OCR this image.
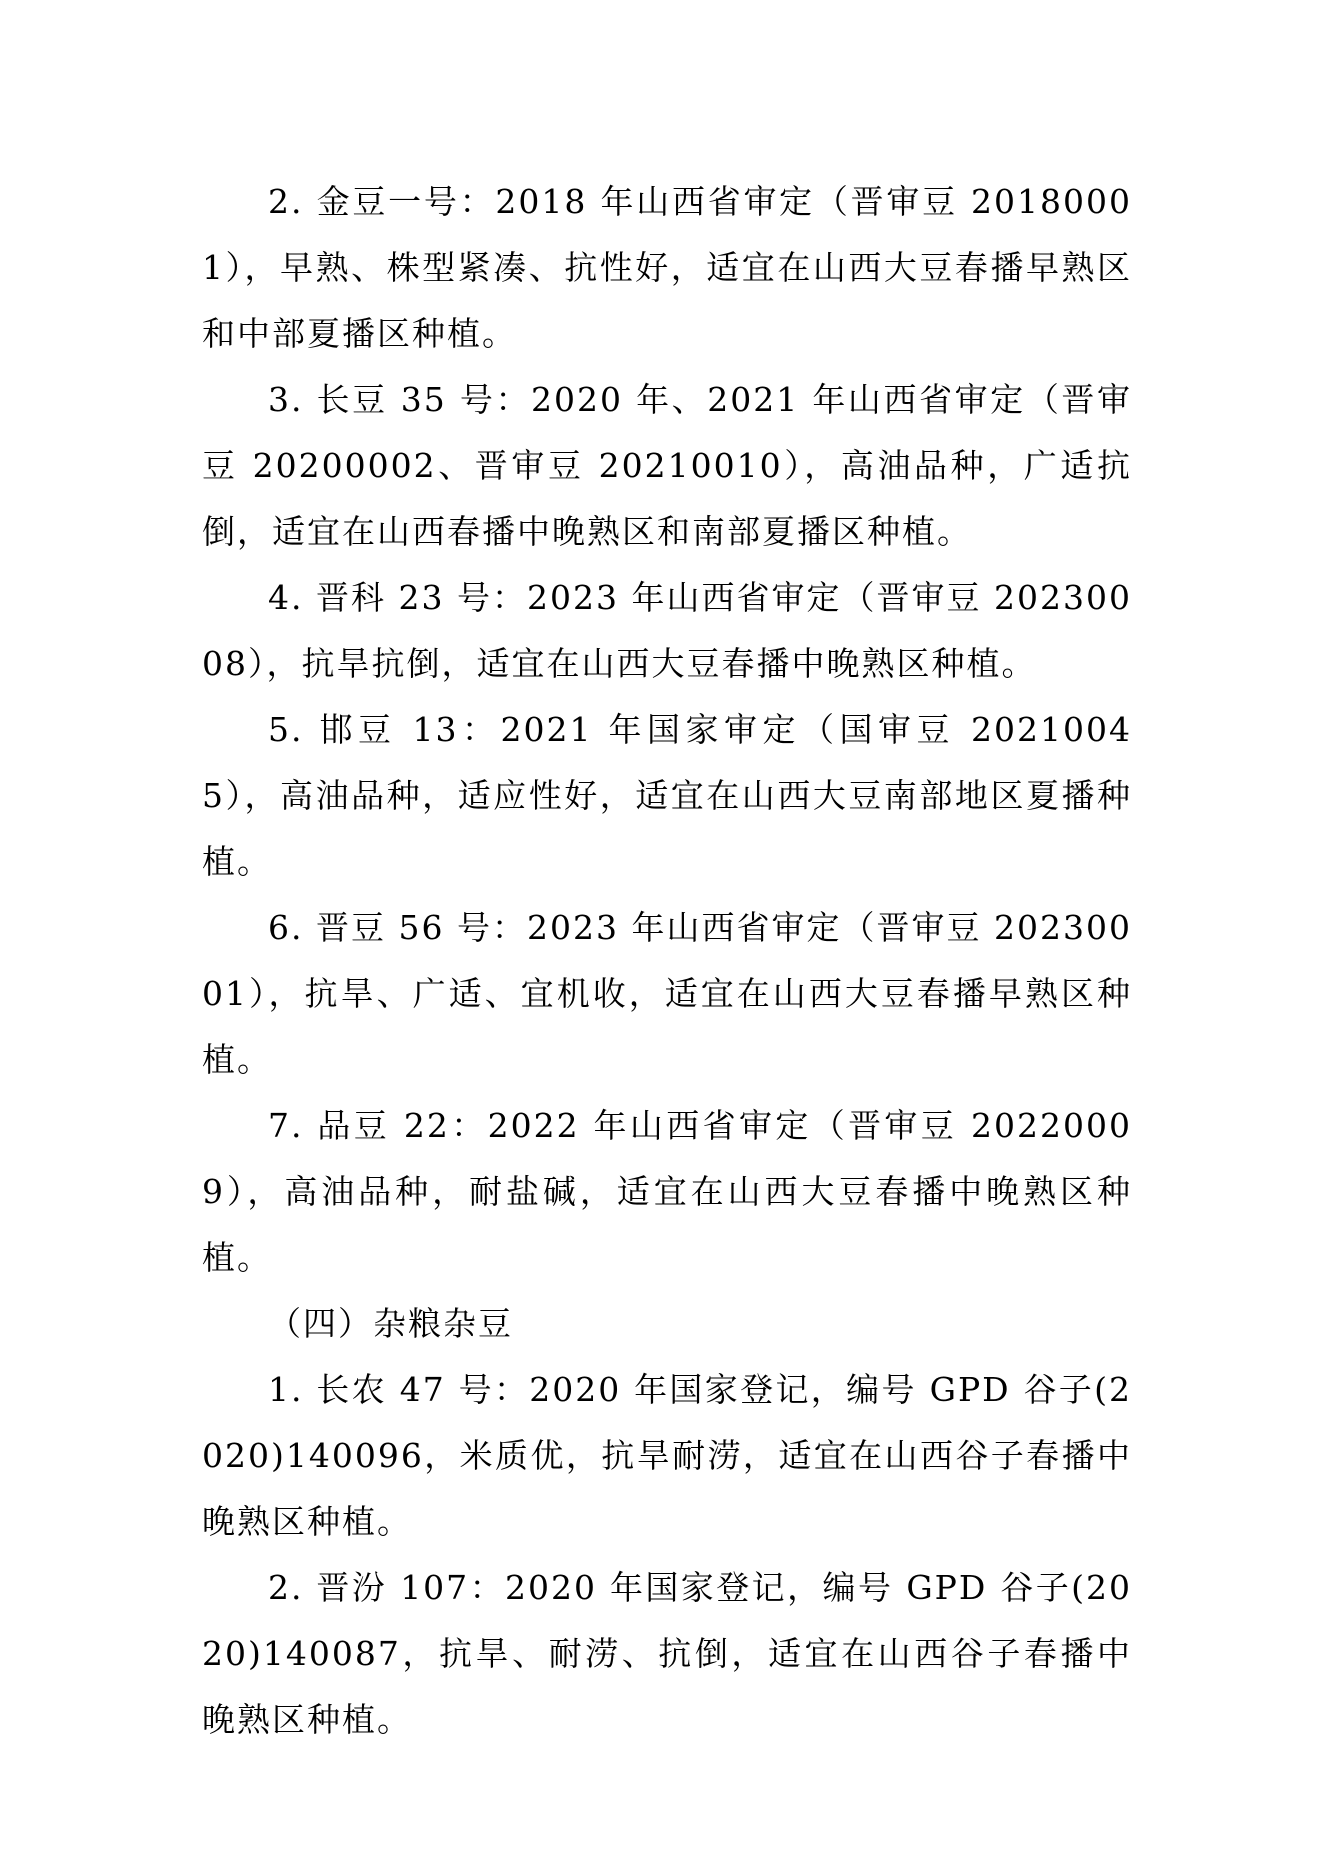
2. 金豆一号：2018 年山西省审定（晋审豆 20180001），早熟、株型紧凑、抗性好，适宜在山西大豆春播早熟区和中部夏播区种植。

3. 长豆 35 号：2020 年、2021 年山西省审定（晋审豆 20200002、晋审豆 20210010），高油品种，广适抗倒，适宜在山西春播中晚熟区和南部夏播区种植。

4. 晋科 23 号：2023 年山西省审定（晋审豆 20230008），抗旱抗倒，适宜在山西大豆春播中晚熟区种植。

5. 邯豆 13：2021 年国家审定（国审豆 20210045），高油品种，适应性好，适宜在山西大豆南部地区夏播种植。

6. 晋豆 56 号：2023 年山西省审定（晋审豆 20230001），抗旱、广适、宜机收，适宜在山西大豆春播早熟区种植。

7. 品豆 22：2022 年山西省审定（晋审豆 20220009），高油品种，耐盐碱，适宜在山西大豆春播中晚熟区种植。

（四）杂粮杂豆

1. 长农 47 号：2020 年国家登记，编号 GPD 谷子(2020)140096，米质优，抗旱耐涝，适宜在山西谷子春播中晚熟区种植。

2. 晋汾 107：2020 年国家登记，编号 GPD 谷子(2020)140087，抗旱、耐涝、抗倒，适宜在山西谷子春播中晚熟区种植。
